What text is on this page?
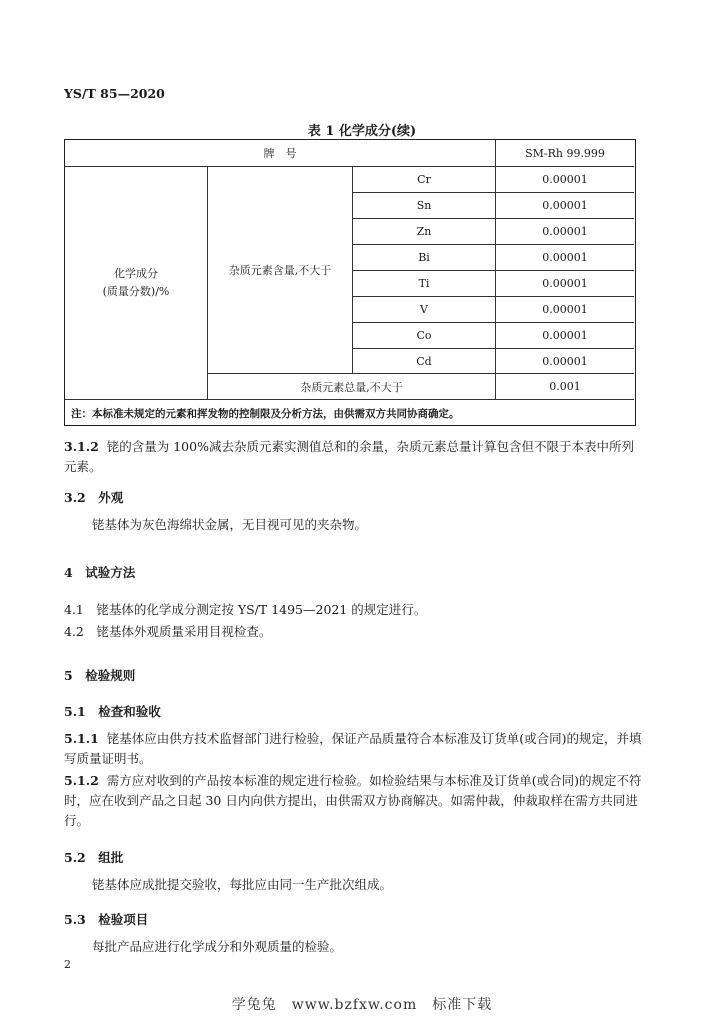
YS/T 85—2020
表 1 化学成分(续)
牌　号	SM-Rh 99.999
化学成分
(质量分数)/%
杂质元素含量,不大于
Cr	0.00001
Sn	0.00001
Zn	0.00001
Bi	0.00001
Ti	0.00001
V	0.00001
Co	0.00001
Cd	0.00001
杂质元素总量,不大于	0.001
注：本标准未规定的元素和挥发物的控制限及分析方法，由供需双方共同协商确定。
3.1.2 铑的含量为 100%减去杂质元素实测值总和的余量，杂质元素总量计算包含但不限于本表中所列元素。
3.2　外观
铑基体为灰色海绵状金属，无目视可见的夹杂物。
4　试验方法
4.1　铑基体的化学成分测定按 YS/T 1495—2021 的规定进行。
4.2　铑基体外观质量采用目视检查。
5　检验规则
5.1　检查和验收
5.1.1 铑基体应由供方技术监督部门进行检验，保证产品质量符合本标准及订货单(或合同)的规定，并填写质量证明书。
5.1.2 需方应对收到的产品按本标准的规定进行检验。如检验结果与本标准及订货单(或合同)的规定不符时，应在收到产品之日起 30 日内向供方提出，由供需双方协商解决。如需仲裁，仲裁取样在需方共同进行。
5.2　组批
铑基体应成批提交验收，每批应由同一生产批次组成。
5.3　检验项目
每批产品应进行化学成分和外观质量的检验。
2
学兔兔　www.bzfxw.com　标准下载
